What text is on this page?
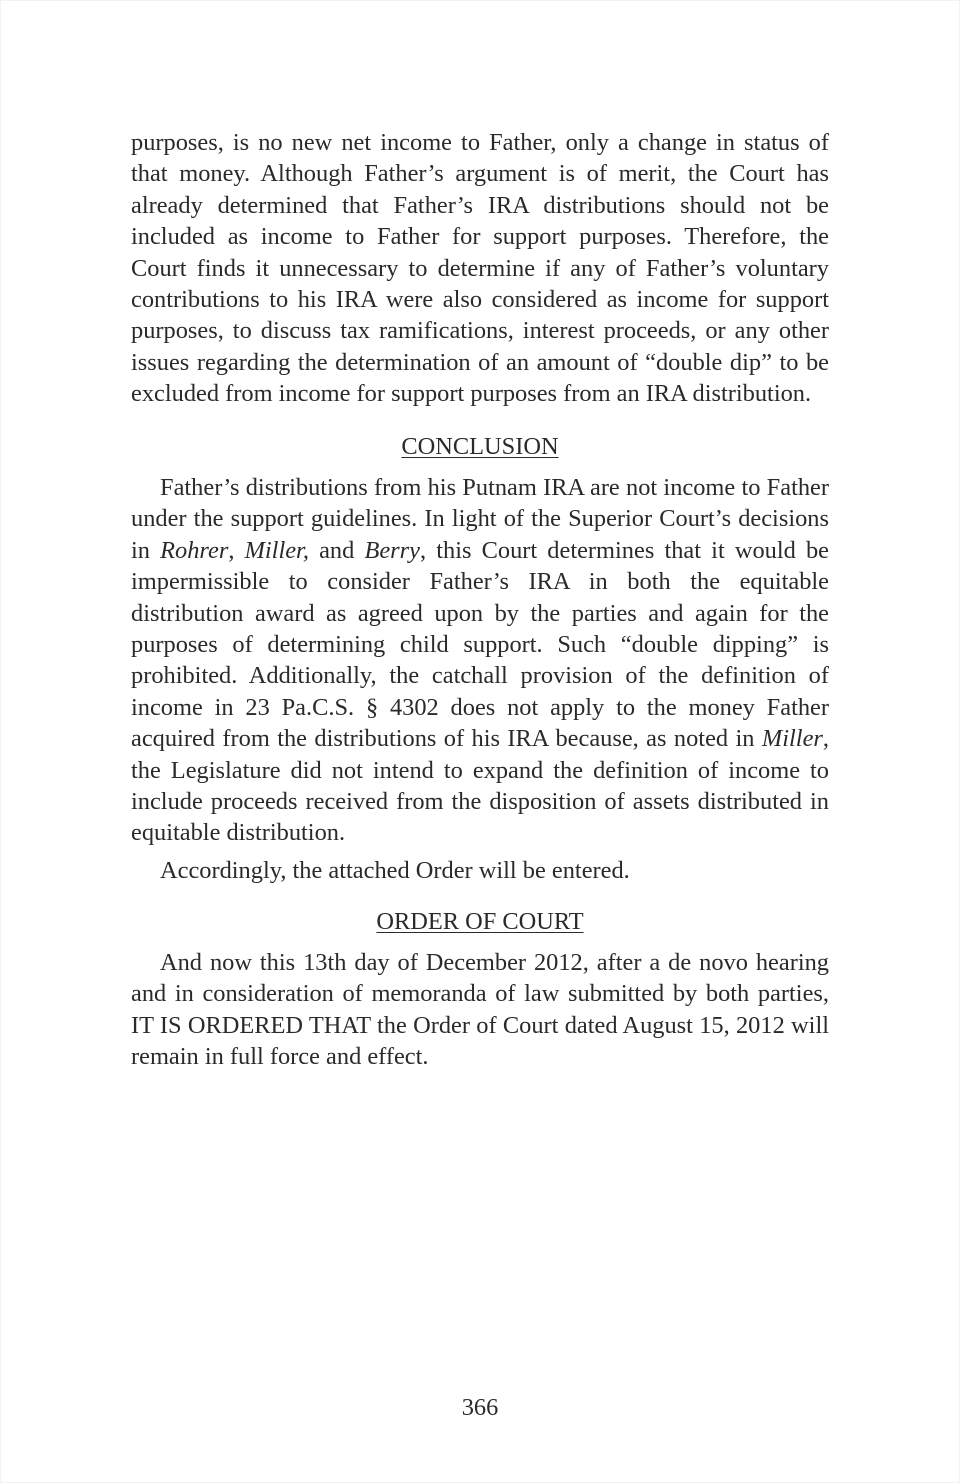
purposes, is no new net income to Father, only a change in status of that money. Although Father’s argument is of merit, the Court has already determined that Father’s IRA distributions should not be included as income to Father for support purposes. Therefore, the Court finds it unnecessary to determine if any of Father’s voluntary contributions to his IRA were also considered as income for support purposes, to discuss tax ramifications, interest proceeds, or any other issues regarding the determination of an amount of “double dip” to be excluded from income for support purposes from an IRA distribution.

CONCLUSION

Father’s distributions from his Putnam IRA are not income to Father under the support guidelines. In light of the Superior Court’s decisions in Rohrer, Miller, and Berry, this Court determines that it would be impermissible to consider Father’s IRA in both the equitable distribution award as agreed upon by the parties and again for the purposes of determining child support. Such “double dipping” is prohibited. Additionally, the catchall provision of the definition of income in 23 Pa.C.S. § 4302 does not apply to the money Father acquired from the distributions of his IRA because, as noted in Miller, the Legislature did not intend to expand the definition of income to include proceeds received from the disposition of assets distributed in equitable distribution.

Accordingly, the attached Order will be entered.

ORDER OF COURT

And now this 13th day of December 2012, after a de novo hearing and in consideration of memoranda of law submitted by both parties, IT IS ORDERED THAT the Order of Court dated August 15, 2012 will remain in full force and effect.

366
